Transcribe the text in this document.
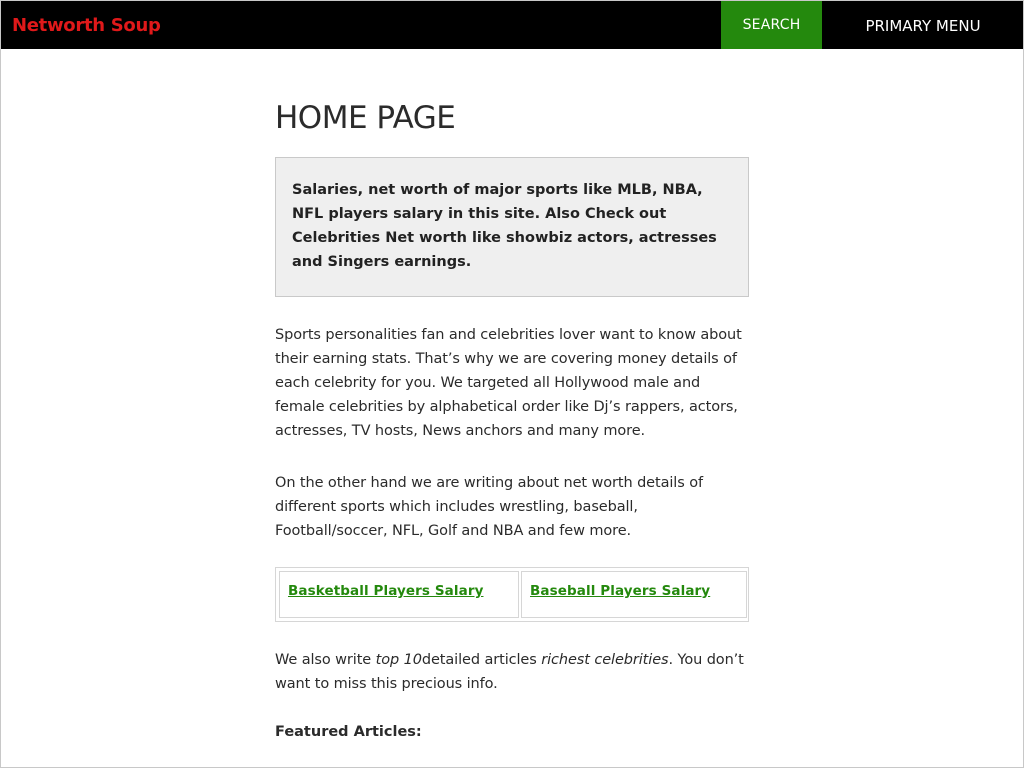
Networth Soup	SEARCH	PRIMARY MENU
HOME PAGE
Salaries, net worth of major sports like MLB, NBA, NFL players salary in this site. Also Check out Celebrities Net worth like showbiz actors, actresses and Singers earnings.

Sports personalities fan and celebrities lover want to know about their earning stats. That’s why we are covering money details of each celebrity for you. We targeted all Hollywood male and female celebrities by alphabetical order like Dj’s rappers, actors, actresses, TV hosts, News anchors and many more.

On the other hand we are writing about net worth details of different sports which includes wrestling, baseball, Football/soccer, NFL, Golf and NBA and few more.

Basketball Players Salary	Baseball Players Salary

We also write top 10detailed articles richest celebrities. You don’t want to miss this precious info.

Featured Articles:
